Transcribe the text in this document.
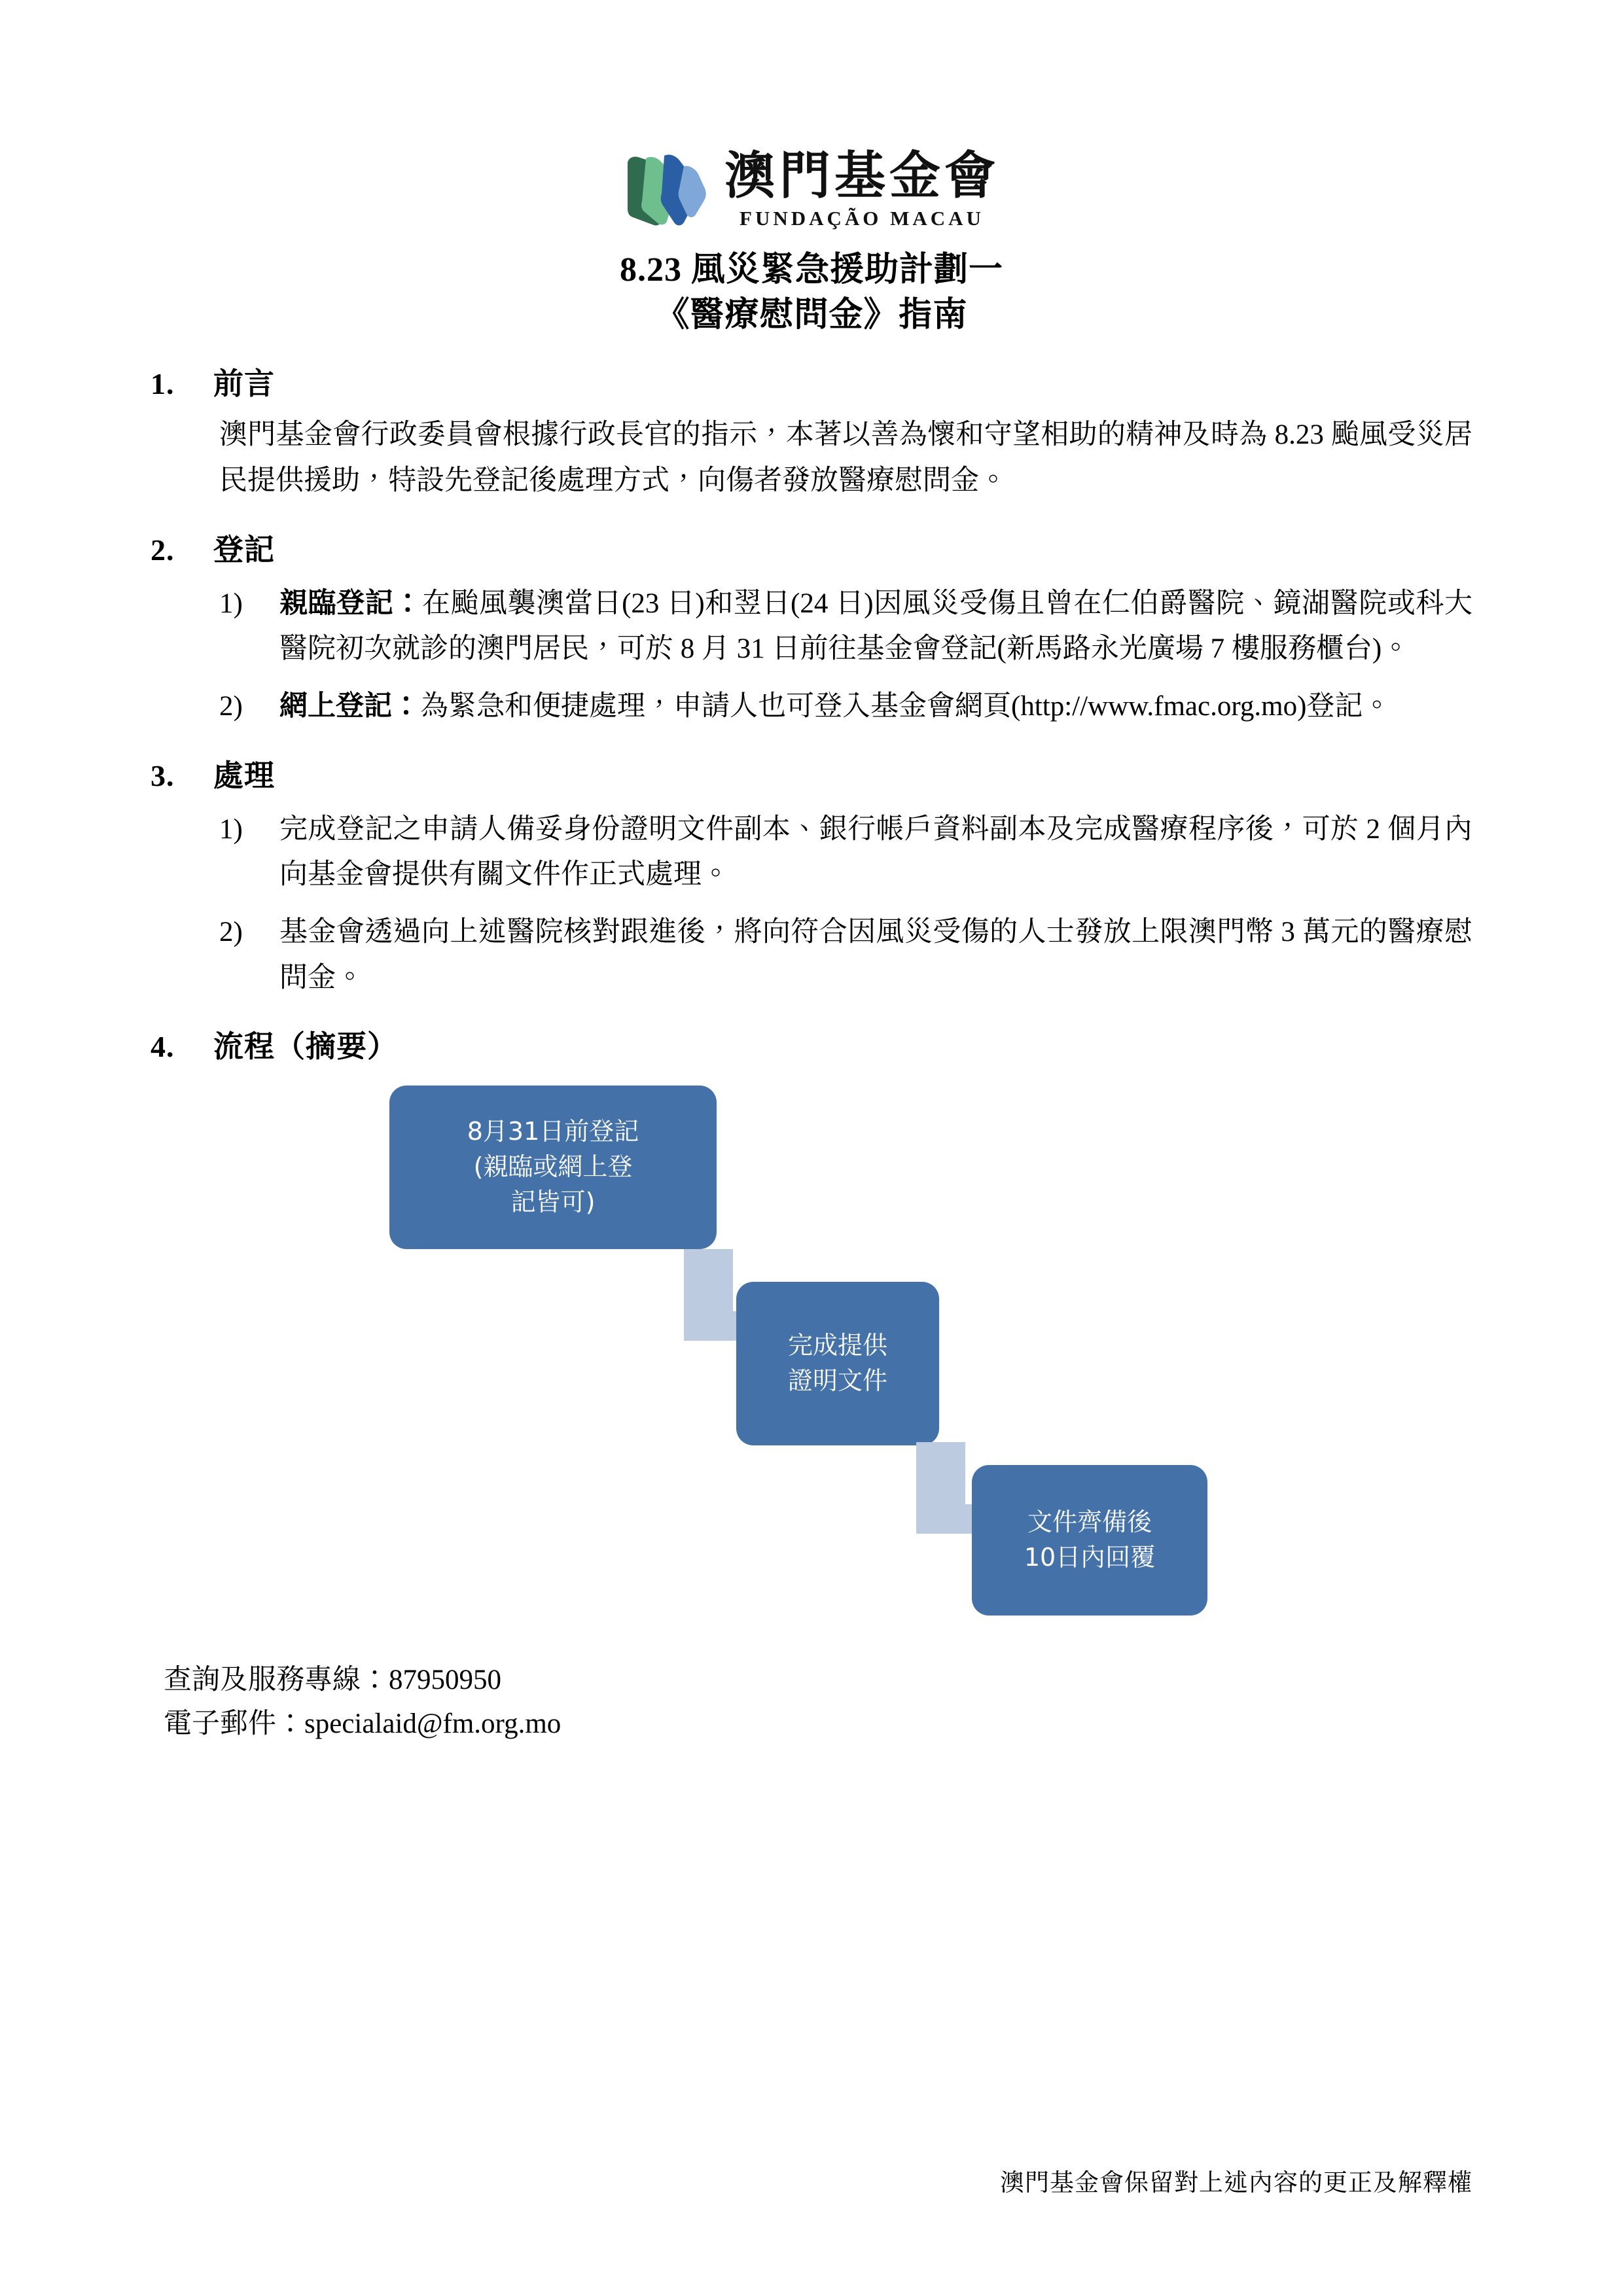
澳門基金會
FUNDAÇÃO MACAU
8.23 風災緊急援助計劃一
《醫療慰問金》指南
1.	前言
澳門基金會行政委員會根據行政長官的指示，本著以善為懷和守望相助的精神及時為 8.23 颱風受災居民提供援助，特設先登記後處理方式，向傷者發放醫療慰問金。
2.	登記
1)	親臨登記：在颱風襲澳當日(23 日)和翌日(24 日)因風災受傷且曾在仁伯爵醫院、鏡湖醫院或科大醫院初次就診的澳門居民，可於 8 月 31 日前往基金會登記(新馬路永光廣場 7 樓服務櫃台)。
2)	網上登記：為緊急和便捷處理，申請人也可登入基金會網頁(http://www.fmac.org.mo)登記。
3.	處理
1)	完成登記之申請人備妥身份證明文件副本、銀行帳戶資料副本及完成醫療程序後，可於 2 個月內向基金會提供有關文件作正式處理。
2)	基金會透過向上述醫院核對跟進後，將向符合因風災受傷的人士發放上限澳門幣 3 萬元的醫療慰問金。
4.	流程（摘要）
8月31日前登記
(親臨或網上登
記皆可)
完成提供
證明文件
文件齊備後
10日內回覆
查詢及服務專線：87950950
電子郵件：specialaid@fm.org.mo
澳門基金會保留對上述內容的更正及解釋權
